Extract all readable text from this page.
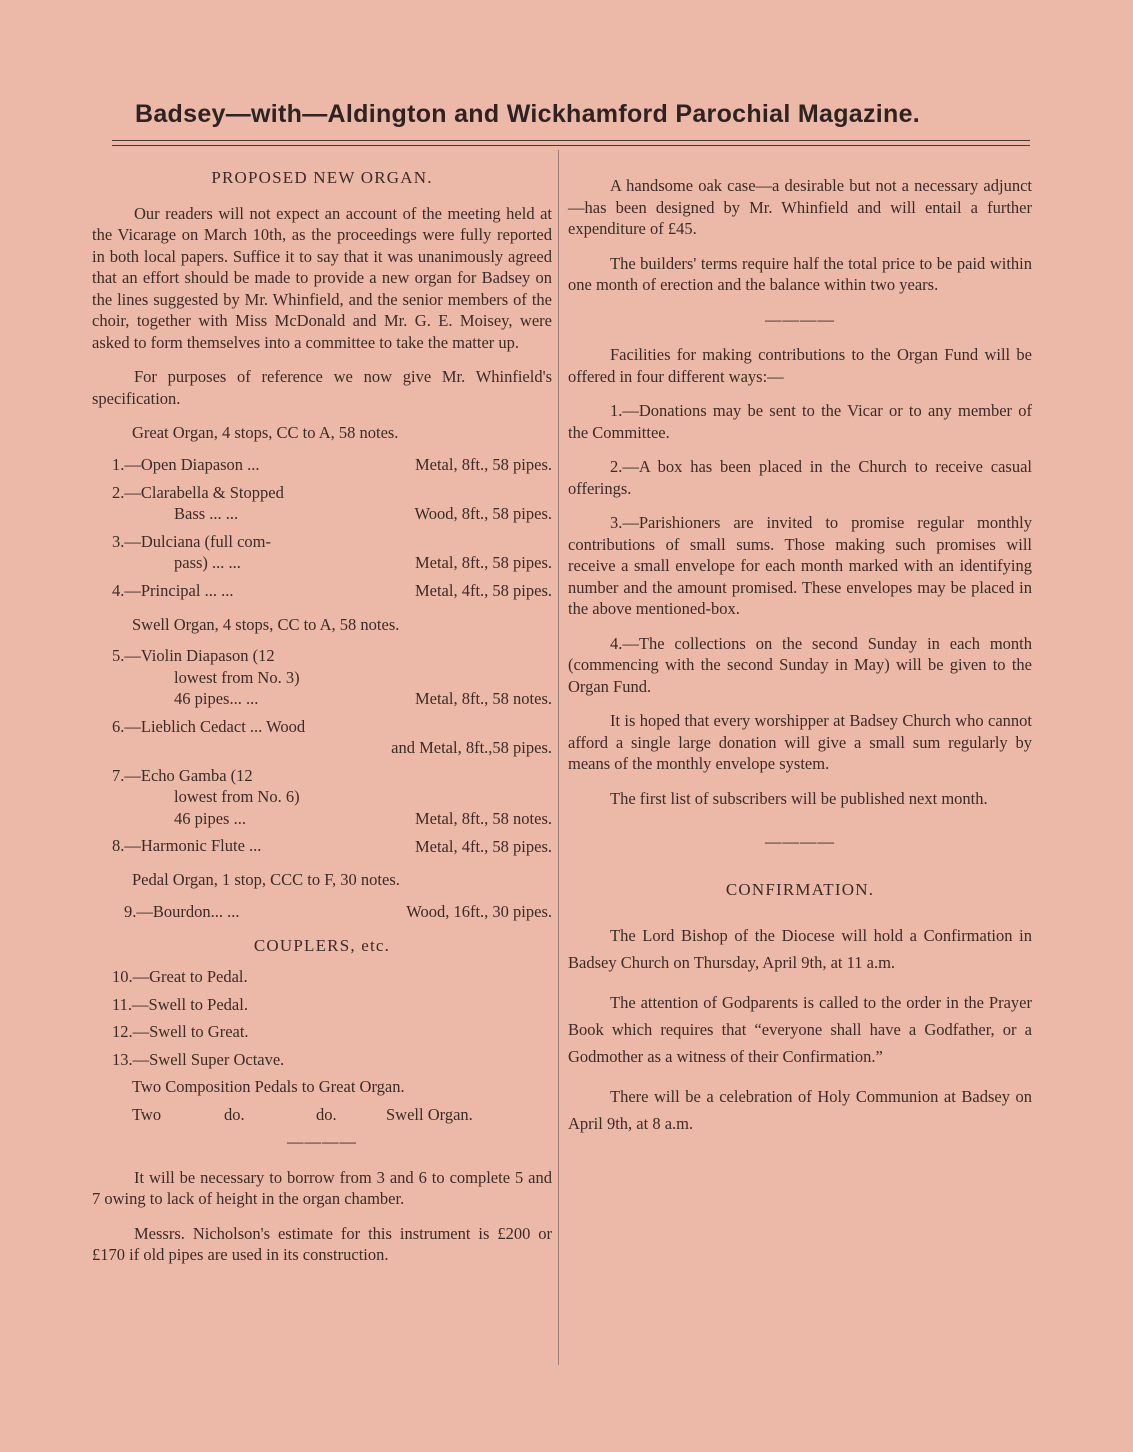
Badsey—with—Aldington and Wickhamford Parochial Magazine.
PROPOSED NEW ORGAN.

Our readers will not expect an account of the meeting held at the Vicarage on March 10th, as the proceedings were fully reported in both local papers. Suffice it to say that it was unanimously agreed that an effort should be made to provide a new organ for Badsey on the lines suggested by Mr. Whinfield, and the senior members of the choir, together with Miss McDonald and Mr. G. E. Moisey, were asked to form themselves into a committee to take the matter up.

For purposes of reference we now give Mr. Whinfield's specification.

Great Organ, 4 stops, CC to A, 58 notes.
1.—Open Diapason ...	Metal, 8ft., 58 pipes.
2.—Clarabella & Stopped
Bass ... ...	Wood, 8ft., 58 pipes.
3.—Dulciana (full com-
pass) ... ...	Metal, 8ft., 58 pipes.
4.—Principal ... ...	Metal, 4ft., 58 pipes.
Swell Organ, 4 stops, CC to A, 58 notes.
5.—Violin Diapason (12
lowest from No. 3)
46 pipes... ...	Metal, 8ft., 58 notes.
6.—Lieblich Cedact ... Wood
and Metal, 8ft.,58 pipes.
7.—Echo Gamba (12
lowest from No. 6)
46 pipes ...	Metal, 8ft., 58 notes.
8.—Harmonic Flute ...	Metal, 4ft., 58 pipes.
Pedal Organ, 1 stop, CCC to F, 30 notes.
9.—Bourdon... ...	Wood, 16ft., 30 pipes.
COUPLERS, etc.
10.—Great to Pedal.
11.—Swell to Pedal.
12.—Swell to Great.
13.—Swell Super Octave.
Two Composition Pedals to Great Organ.
Two	do.	do.	Swell Organ.
————

It will be necessary to borrow from 3 and 6 to complete 5 and 7 owing to lack of height in the organ chamber.

Messrs. Nicholson's estimate for this instrument is £200 or £170 if old pipes are used in its construction.

A handsome oak case—a desirable but not a necessary adjunct—has been designed by Mr. Whinfield and will entail a further expenditure of £45.

The builders' terms require half the total price to be paid within one month of erection and the balance within two years.

————

Facilities for making contributions to the Organ Fund will be offered in four different ways:—

1.—Donations may be sent to the Vicar or to any member of the Committee.

2.—A box has been placed in the Church to receive casual offerings.

3.—Parishioners are invited to promise regular monthly contributions of small sums. Those making such promises will receive a small envelope for each month marked with an identifying number and the amount promised. These envelopes may be placed in the above mentioned-box.

4.—The collections on the second Sunday in each month (commencing with the second Sunday in May) will be given to the Organ Fund.

It is hoped that every worshipper at Badsey Church who cannot afford a single large donation will give a small sum regularly by means of the monthly envelope system.

The first list of subscribers will be published next month.

————
CONFIRMATION.

The Lord Bishop of the Diocese will hold a Confirmation in Badsey Church on Thursday, April 9th, at 11 a.m.

The attention of Godparents is called to the order in the Prayer Book which requires that “everyone shall have a Godfather, or a Godmother as a witness of their Confirmation.”

There will be a celebration of Holy Communion at Badsey on April 9th, at 8 a.m.
